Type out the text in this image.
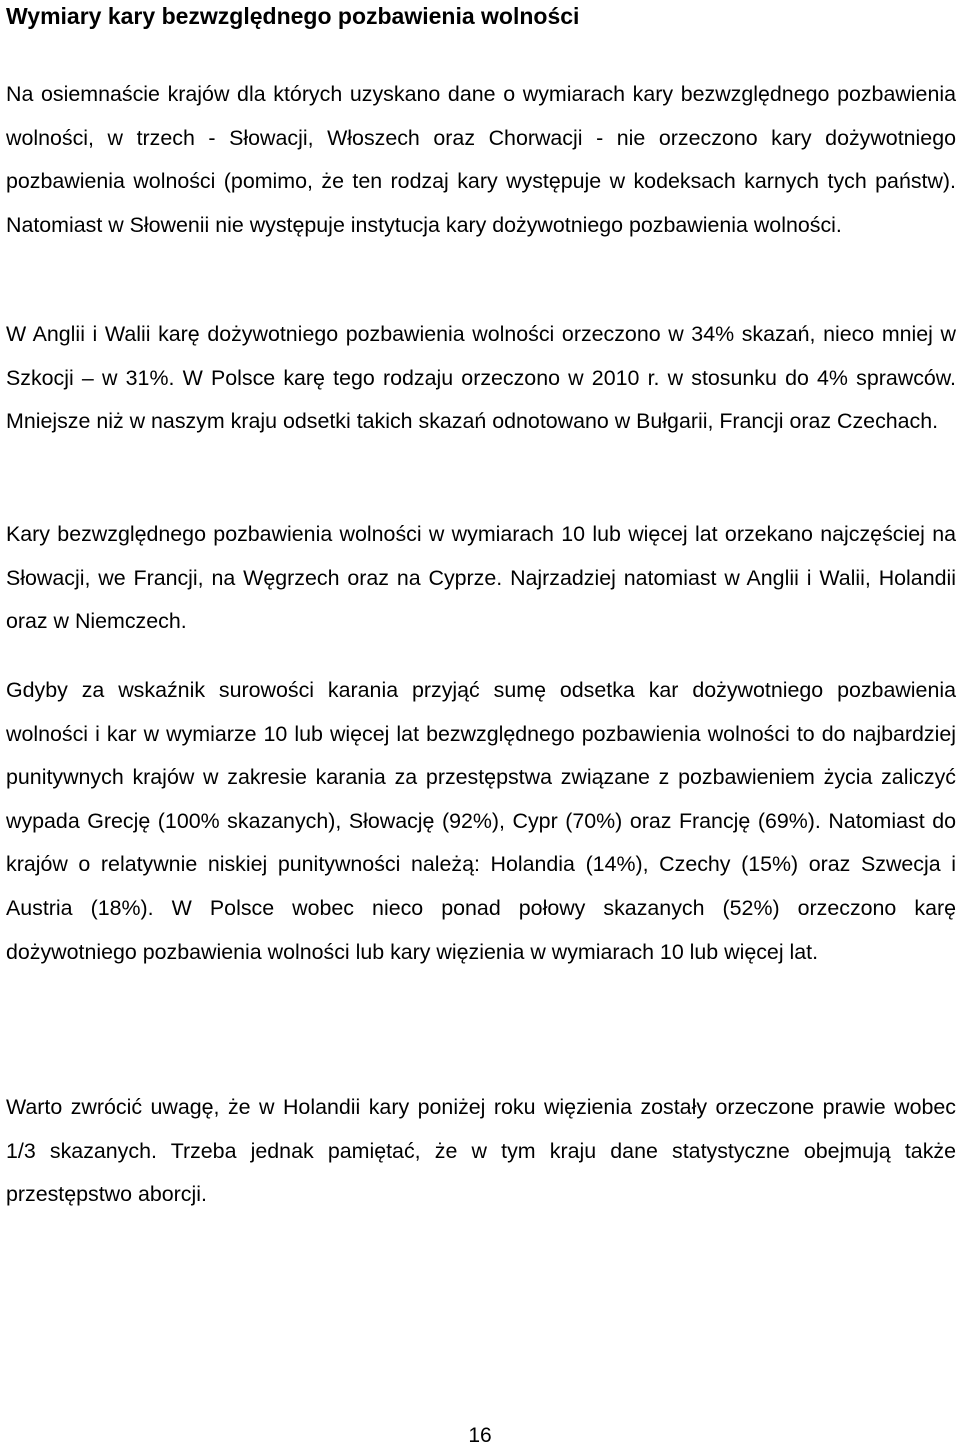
Wymiary kary bezwzględnego pozbawienia wolności

Na osiemnaście krajów dla których uzyskano dane o wymiarach kary bezwzględnego pozbawienia wolności, w trzech - Słowacji, Włoszech oraz Chorwacji - nie orzeczono kary dożywotniego pozbawienia wolności (pomimo, że ten rodzaj kary występuje w kodeksach karnych tych państw). Natomiast w Słowenii nie występuje instytucja kary dożywotniego pozbawienia wolności.

W Anglii i Walii karę dożywotniego pozbawienia wolności orzeczono w 34% skazań, nieco mniej w Szkocji – w 31%. W Polsce karę tego rodzaju orzeczono w 2010 r. w stosunku do 4% sprawców. Mniejsze niż w naszym kraju odsetki takich skazań odnotowano w Bułgarii, Francji oraz Czechach.

Kary bezwzględnego pozbawienia wolności w wymiarach 10 lub więcej lat orzekano najczęściej na Słowacji, we Francji, na Węgrzech oraz na Cyprze. Najrzadziej natomiast w Anglii i Walii, Holandii oraz w Niemczech.

Gdyby za wskaźnik surowości karania przyjąć sumę odsetka kar dożywotniego pozbawienia wolności i kar w wymiarze 10 lub więcej lat bezwzględnego pozbawienia wolności to do najbardziej punitywnych krajów w zakresie karania za przestępstwa związane z pozbawieniem życia zaliczyć wypada Grecję (100% skazanych), Słowację (92%), Cypr (70%) oraz Francję (69%). Natomiast do krajów o relatywnie niskiej punitywności należą: Holandia (14%), Czechy (15%) oraz Szwecja i Austria (18%). W Polsce wobec nieco ponad połowy skazanych (52%) orzeczono karę dożywotniego pozbawienia wolności lub kary więzienia w wymiarach 10 lub więcej lat.

Warto zwrócić uwagę, że w Holandii kary poniżej roku więzienia zostały orzeczone prawie wobec 1/3 skazanych. Trzeba jednak pamiętać, że w tym kraju dane statystyczne obejmują także przestępstwo aborcji.

16
